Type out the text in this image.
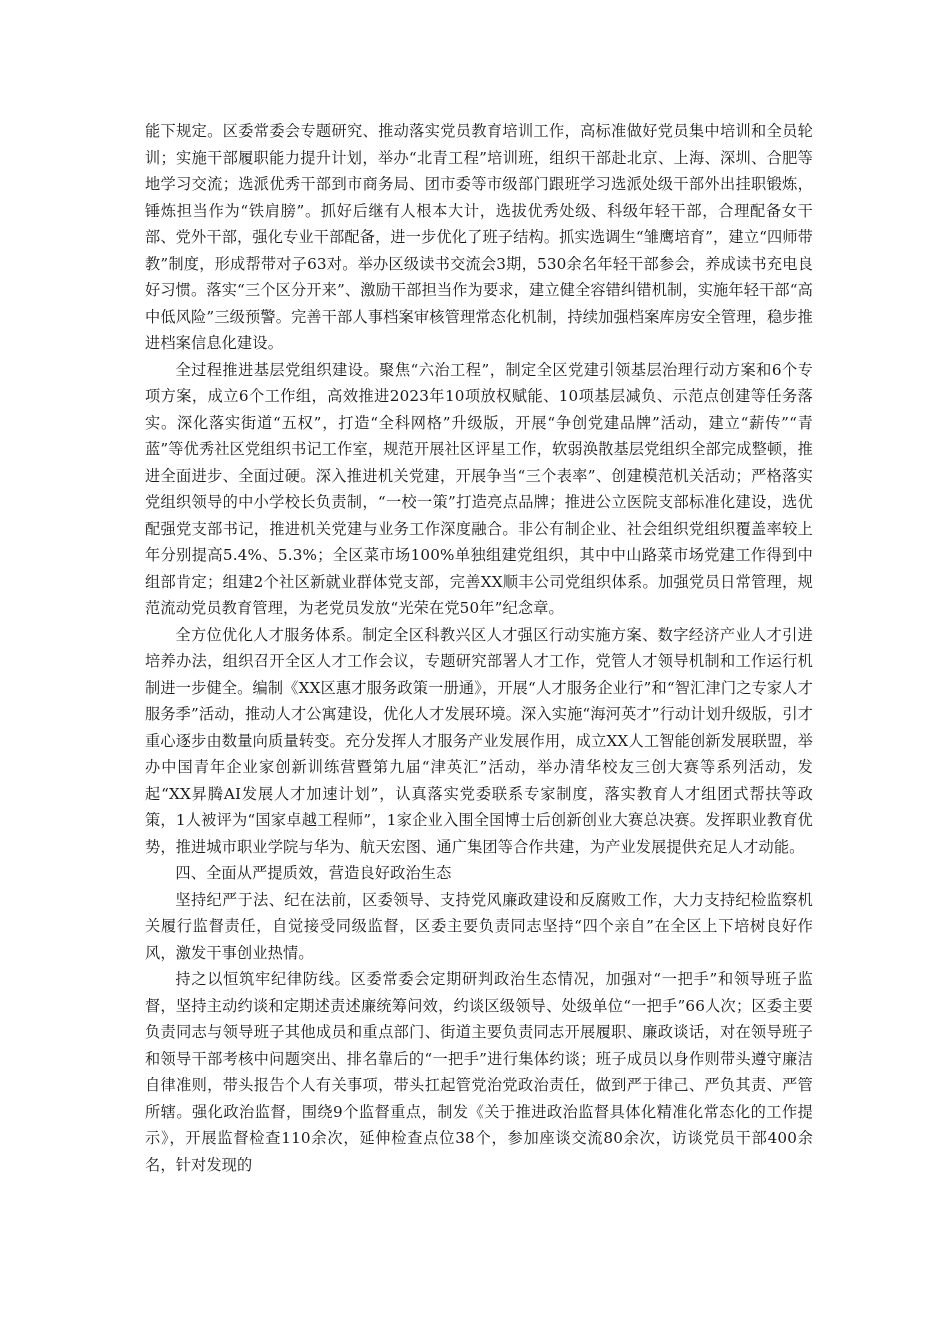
能下规定。区委常委会专题研究、推动落实党员教育培训工作，高标准做好党员集中培训和全员轮训；实施干部履职能力提升计划，举办“北青工程”培训班，组织干部赴北京、上海、深圳、合肥等地学习交流；选派优秀干部到市商务局、团市委等市级部门跟班学习选派处级干部外出挂职锻炼，锤炼担当作为“铁肩膀”。抓好后继有人根本大计，选拔优秀处级、科级年轻干部，合理配备女干部、党外干部，强化专业干部配备，进一步优化了班子结构。抓实选调生“雏鹰培育”，建立“四师带教”制度，形成帮带对子63对。举办区级读书交流会3期，530余名年轻干部参会，养成读书充电良好习惯。落实“三个区分开来”、激励干部担当作为要求，建立健全容错纠错机制，实施年轻干部“高中低风险”三级预警。完善干部人事档案审核管理常态化机制，持续加强档案库房安全管理，稳步推进档案信息化建设。

全过程推进基层党组织建设。聚焦“六治工程”，制定全区党建引领基层治理行动方案和6个专项方案，成立6个工作组，高效推进2023年10项放权赋能、10项基层减负、示范点创建等任务落实。深化落实街道“五权”，打造“全科网格”升级版，开展“争创党建品牌”活动，建立“薪传”“青蓝”等优秀社区党组织书记工作室，规范开展社区评星工作，软弱涣散基层党组织全部完成整顿，推进全面进步、全面过硬。深入推进机关党建，开展争当“三个表率”、创建模范机关活动；严格落实党组织领导的中小学校长负责制，“一校一策”打造亮点品牌；推进公立医院支部标准化建设，选优配强党支部书记，推进机关党建与业务工作深度融合。非公有制企业、社会组织党组织覆盖率较上年分别提高5.4%、5.3%；全区菜市场100%单独组建党组织，其中中山路菜市场党建工作得到中组部肯定；组建2个社区新就业群体党支部，完善XX顺丰公司党组织体系。加强党员日常管理，规范流动党员教育管理，为老党员发放“光荣在党50年”纪念章。

全方位优化人才服务体系。制定全区科教兴区人才强区行动实施方案、数字经济产业人才引进培养办法，组织召开全区人才工作会议，专题研究部署人才工作，党管人才领导机制和工作运行机制进一步健全。编制《XX区惠才服务政策一册通》，开展“人才服务企业行”和“智汇津门之专家人才服务季”活动，推动人才公寓建设，优化人才发展环境。深入实施“海河英才”行动计划升级版，引才重心逐步由数量向质量转变。充分发挥人才服务产业发展作用，成立XX人工智能创新发展联盟，举办中国青年企业家创新训练营暨第九届“津英汇”活动，举办清华校友三创大赛等系列活动，发起“XX昇腾AI发展人才加速计划”，认真落实党委联系专家制度，落实教育人才组团式帮扶等政策，1人被评为“国家卓越工程师”，1家企业入围全国博士后创新创业大赛总决赛。发挥职业教育优势，推进城市职业学院与华为、航天宏图、通广集团等合作共建，为产业发展提供充足人才动能。

四、全面从严提质效，营造良好政治生态

坚持纪严于法、纪在法前，区委领导、支持党风廉政建设和反腐败工作，大力支持纪检监察机关履行监督责任，自觉接受同级监督，区委主要负责同志坚持“四个亲自”在全区上下培树良好作风，激发干事创业热情。

持之以恒筑牢纪律防线。区委常委会定期研判政治生态情况，加强对“一把手”和领导班子监督，坚持主动约谈和定期述责述廉统筹问效，约谈区级领导、处级单位“一把手”66人次；区委主要负责同志与领导班子其他成员和重点部门、街道主要负责同志开展履职、廉政谈话，对在领导班子和领导干部考核中问题突出、排名靠后的“一把手”进行集体约谈；班子成员以身作则带头遵守廉洁自律准则，带头报告个人有关事项，带头扛起管党治党政治责任，做到严于律己、严负其责、严管所辖。强化政治监督，围绕9个监督重点，制发《关于推进政治监督具体化精准化常态化的工作提示》，开展监督检查110余次，延伸检查点位38个，参加座谈交流80余次，访谈党员干部400余名，针对发现的
